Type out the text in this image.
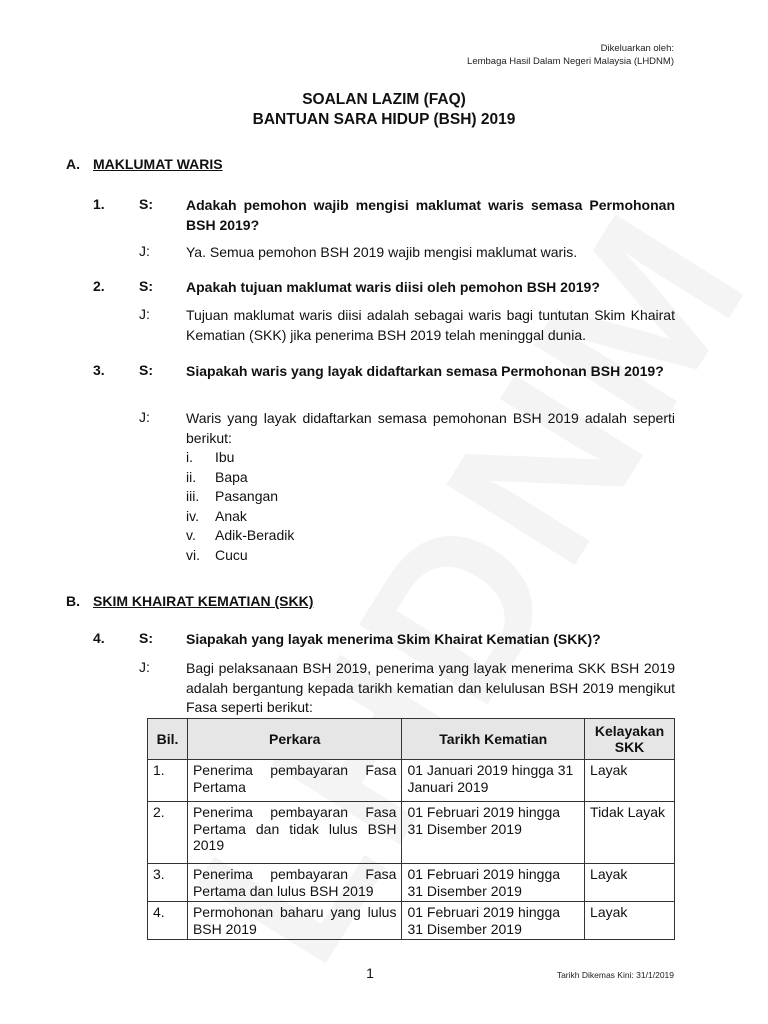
Dikeluarkan oleh:
Lembaga Hasil Dalam Negeri Malaysia (LHDNM)
SOALAN LAZIM (FAQ)
BANTUAN SARA HIDUP (BSH) 2019
A. MAKLUMAT WARIS
1. S: Adakah pemohon wajib mengisi maklumat waris semasa Permohonan BSH 2019?
J:	Ya. Semua pemohon BSH 2019 wajib mengisi maklumat waris.
2. S: Apakah tujuan maklumat waris diisi oleh pemohon BSH 2019?
J:	Tujuan maklumat waris diisi adalah sebagai waris bagi tuntutan Skim Khairat Kematian (SKK) jika penerima BSH 2019 telah meninggal dunia.
3. S: Siapakah waris yang layak didaftarkan semasa Permohonan BSH 2019?
J:	Waris yang layak didaftarkan semasa pemohonan BSH 2019 adalah seperti berikut:
i.	Ibu
ii.	Bapa
iii.	Pasangan
iv.	Anak
v.	Adik-Beradik
vi.	Cucu
B. SKIM KHAIRAT KEMATIAN (SKK)
4. S: Siapakah yang layak menerima Skim Khairat Kematian (SKK)?
J:	Bagi pelaksanaan BSH 2019, penerima yang layak menerima SKK BSH 2019 adalah bergantung kepada tarikh kematian dan kelulusan BSH 2019 mengikut Fasa seperti berikut:
Bil.	Perkara	Tarikh Kematian	Kelayakan SKK
1.	Penerima pembayaran Fasa Pertama	01 Januari 2019 hingga 31 Januari 2019	Layak
2.	Penerima pembayaran Fasa Pertama dan tidak lulus BSH 2019	01 Februari 2019 hingga 31 Disember 2019	Tidak Layak
3.	Penerima pembayaran Fasa Pertama dan lulus BSH 2019	01 Februari 2019 hingga 31 Disember 2019	Layak
4.	Permohonan baharu yang lulus BSH 2019	01 Februari 2019 hingga 31 Disember 2019	Layak
1	Tarikh Dikemas Kini: 31/1/2019
